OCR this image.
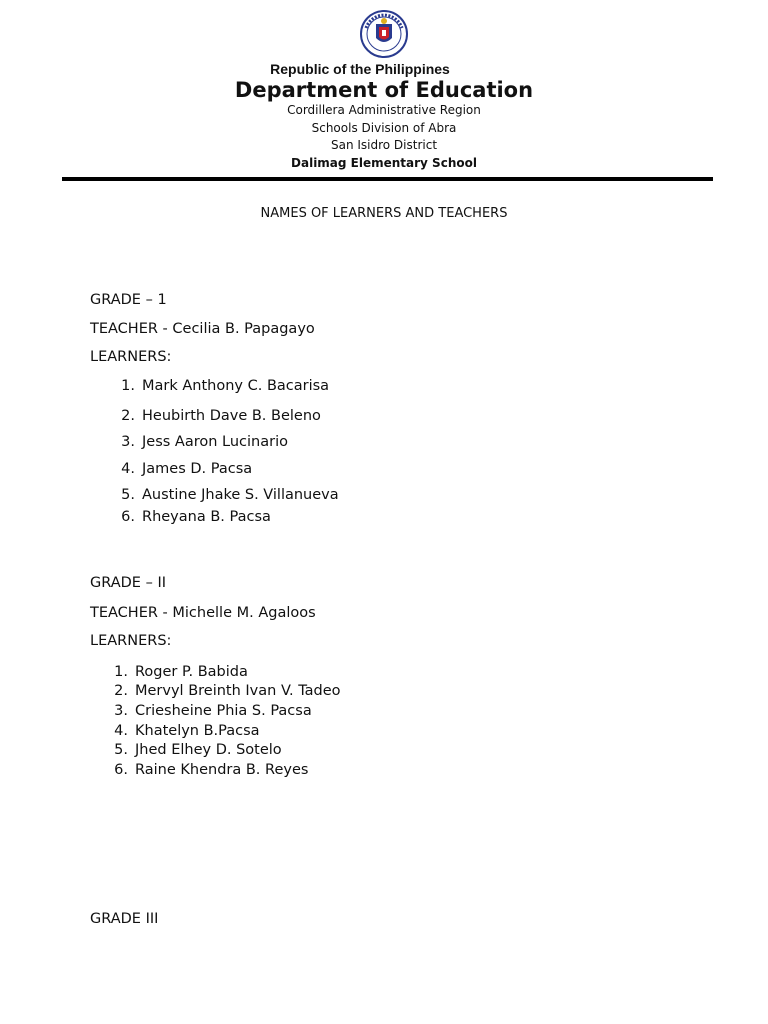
Republic of the Philippines
Department of Education
Cordillera Administrative Region
Schools Division of Abra
San Isidro District
Dalimag Elementary School
NAMES OF LEARNERS AND TEACHERS
GRADE – 1
TEACHER - Cecilia B. Papagayo
LEARNERS:
1. Mark Anthony C. Bacarisa
2. Heubirth Dave B. Beleno
3. Jess Aaron Lucinario
4. James D. Pacsa
5. Austine Jhake S. Villanueva
6. Rheyana B. Pacsa
GRADE – II
TEACHER - Michelle M. Agaloos
LEARNERS:
1. Roger P. Babida
2. Mervyl Breinth Ivan V. Tadeo
3. Criesheine Phia S. Pacsa
4. Khatelyn B.Pacsa
5. Jhed Elhey D. Sotelo
6. Raine Khendra B. Reyes
GRADE III
